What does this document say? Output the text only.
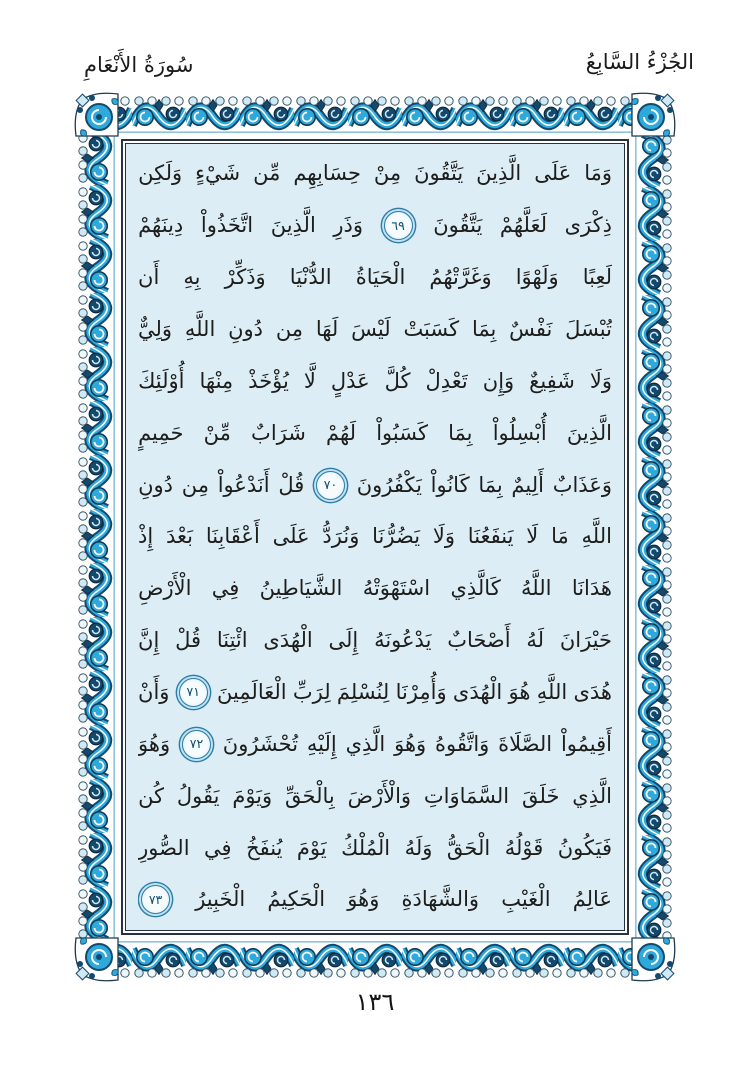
الجُزْءُ السَّابِعُ
سُورَةُ الأَنْعَامِ
وَمَا
عَلَى
الَّذِينَ
يَتَّقُونَ
مِنْ
حِسَابِهِم
مِّن
شَيْءٍ
وَلَكِن
ذِكْرَى
لَعَلَّهُمْ
يَتَّقُونَ
٦٩
وَذَرِ
الَّذِينَ
اتَّخَذُواْ
دِينَهُمْ
لَعِبًا
وَلَهْوًا
وَغَرَّتْهُمُ
الْحَيَاةُ
الدُّنْيَا
وَذَكِّرْ
بِهِ
أَن
تُبْسَلَ
نَفْسٌ
بِمَا
كَسَبَتْ
لَيْسَ
لَهَا
مِن
دُونِ
اللَّهِ
وَلِيٌّ
وَلَا
شَفِيعٌ
وَإِن
تَعْدِلْ
كُلَّ
عَدْلٍ
لَّا
يُؤْخَذْ
مِنْهَا
أُوْلَئِكَ
الَّذِينَ
أُبْسِلُواْ
بِمَا
كَسَبُواْ
لَهُمْ
شَرَابٌ
مِّنْ
حَمِيمٍ
وَعَذَابٌ
أَلِيمٌ
بِمَا
كَانُواْ
يَكْفُرُونَ
٧٠
قُلْ
أَنَدْعُواْ
مِن
دُونِ
اللَّهِ
مَا
لَا
يَنفَعُنَا
وَلَا
يَضُرُّنَا
وَنُرَدُّ
عَلَى
أَعْقَابِنَا
بَعْدَ
إِذْ
هَدَانَا
اللَّهُ
كَالَّذِي
اسْتَهْوَتْهُ
الشَّيَاطِينُ
فِي
الْأَرْضِ
حَيْرَانَ
لَهُ
أَصْحَابٌ
يَدْعُونَهُ
إِلَى
الْهُدَى
ائْتِنَا
قُلْ
إِنَّ
هُدَى
اللَّهِ
هُوَ
الْهُدَى
وَأُمِرْنَا
لِنُسْلِمَ
لِرَبِّ
الْعَالَمِينَ
٧١
وَأَنْ
أَقِيمُواْ
الصَّلَاةَ
وَاتَّقُوهُ
وَهُوَ
الَّذِي
إِلَيْهِ
تُحْشَرُونَ
٧٢
وَهُوَ
الَّذِي
خَلَقَ
السَّمَاوَاتِ
وَالْأَرْضَ
بِالْحَقِّ
وَيَوْمَ
يَقُولُ
كُن
فَيَكُونُ
قَوْلُهُ
الْحَقُّ
وَلَهُ
الْمُلْكُ
يَوْمَ
يُنفَخُ
فِي
الصُّورِ
عَالِمُ
الْغَيْبِ
وَالشَّهَادَةِ
وَهُوَ
الْحَكِيمُ
الْخَبِيرُ
٧٣
١٣٦
